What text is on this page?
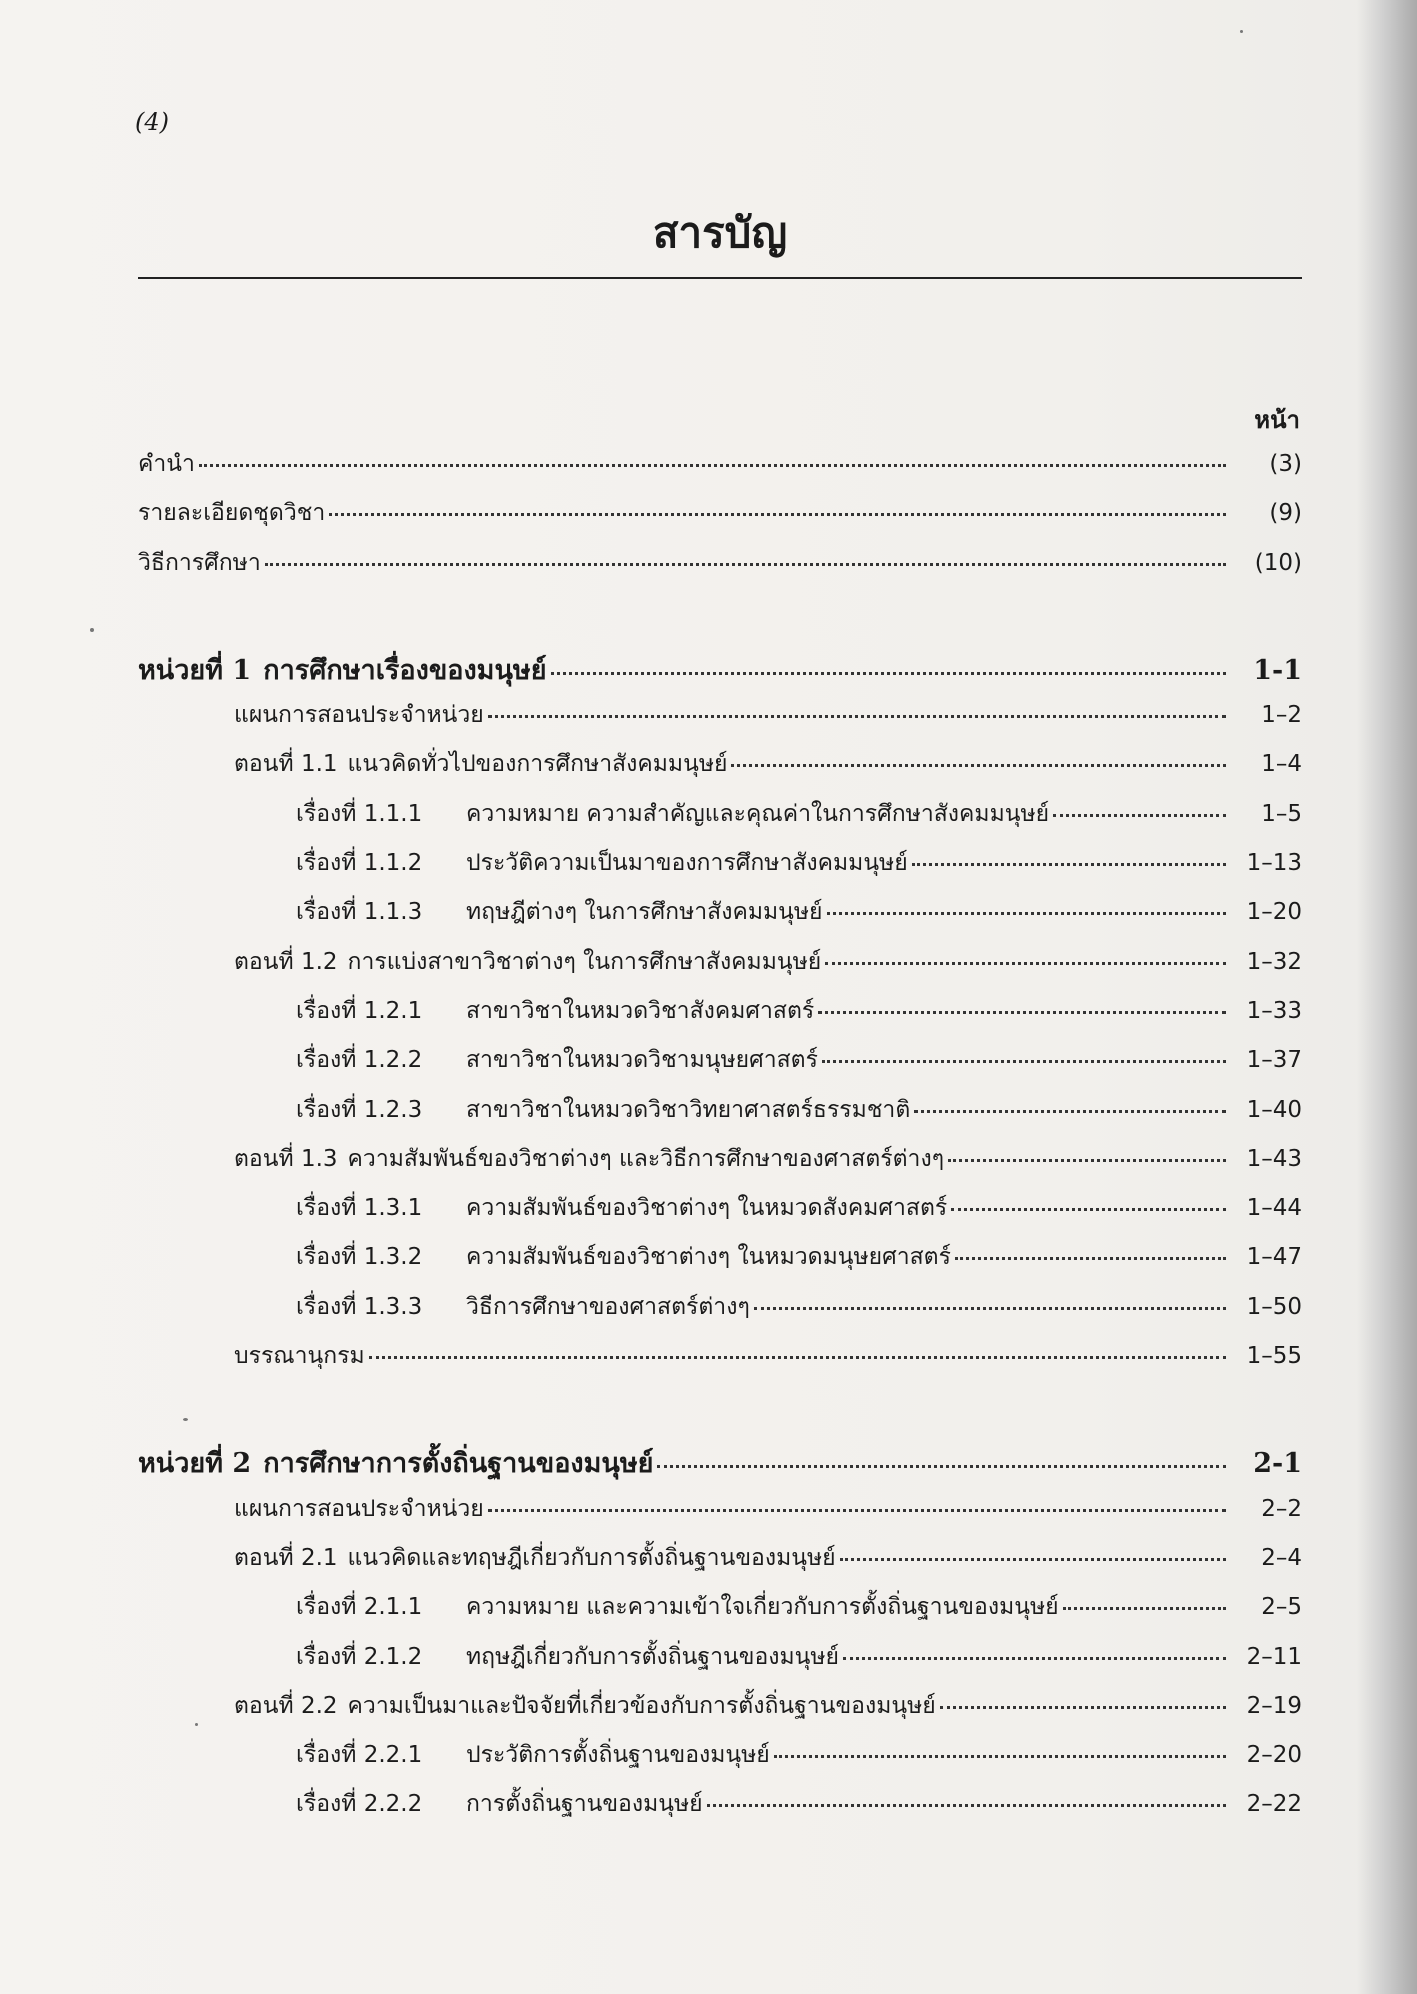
(4)
สารบัญ
หน้า
คำนำ	(3)
รายละเอียดชุดวิชา	(9)
วิธีการศึกษา	(10)
หน่วยที่ 1 การศึกษาเรื่องของมนุษย์	1-1
แผนการสอนประจำหน่วย	1–2
ตอนที่ 1.1 แนวคิดทั่วไปของการศึกษาสังคมมนุษย์	1–4
เรื่องที่ 1.1.1	ความหมาย ความสำคัญและคุณค่าในการศึกษาสังคมมนุษย์	1–5
เรื่องที่ 1.1.2	ประวัติความเป็นมาของการศึกษาสังคมมนุษย์	1–13
เรื่องที่ 1.1.3	ทฤษฎีต่างๆ ในการศึกษาสังคมมนุษย์	1–20
ตอนที่ 1.2 การแบ่งสาขาวิชาต่างๆ ในการศึกษาสังคมมนุษย์	1–32
เรื่องที่ 1.2.1	สาขาวิชาในหมวดวิชาสังคมศาสตร์	1–33
เรื่องที่ 1.2.2	สาขาวิชาในหมวดวิชามนุษยศาสตร์	1–37
เรื่องที่ 1.2.3	สาขาวิชาในหมวดวิชาวิทยาศาสตร์ธรรมชาติ	1–40
ตอนที่ 1.3 ความสัมพันธ์ของวิชาต่างๆ และวิธีการศึกษาของศาสตร์ต่างๆ	1–43
เรื่องที่ 1.3.1	ความสัมพันธ์ของวิชาต่างๆ ในหมวดสังคมศาสตร์	1–44
เรื่องที่ 1.3.2	ความสัมพันธ์ของวิชาต่างๆ ในหมวดมนุษยศาสตร์	1–47
เรื่องที่ 1.3.3	วิธีการศึกษาของศาสตร์ต่างๆ	1–50
บรรณานุกรม	1–55
หน่วยที่ 2 การศึกษาการตั้งถิ่นฐานของมนุษย์	2-1
แผนการสอนประจำหน่วย	2–2
ตอนที่ 2.1 แนวคิดและทฤษฎีเกี่ยวกับการตั้งถิ่นฐานของมนุษย์	2–4
เรื่องที่ 2.1.1	ความหมาย และความเข้าใจเกี่ยวกับการตั้งถิ่นฐานของมนุษย์	2–5
เรื่องที่ 2.1.2	ทฤษฎีเกี่ยวกับการตั้งถิ่นฐานของมนุษย์	2–11
ตอนที่ 2.2 ความเป็นมาและปัจจัยที่เกี่ยวข้องกับการตั้งถิ่นฐานของมนุษย์	2–19
เรื่องที่ 2.2.1	ประวัติการตั้งถิ่นฐานของมนุษย์	2–20
เรื่องที่ 2.2.2	การตั้งถิ่นฐานของมนุษย์	2–22
